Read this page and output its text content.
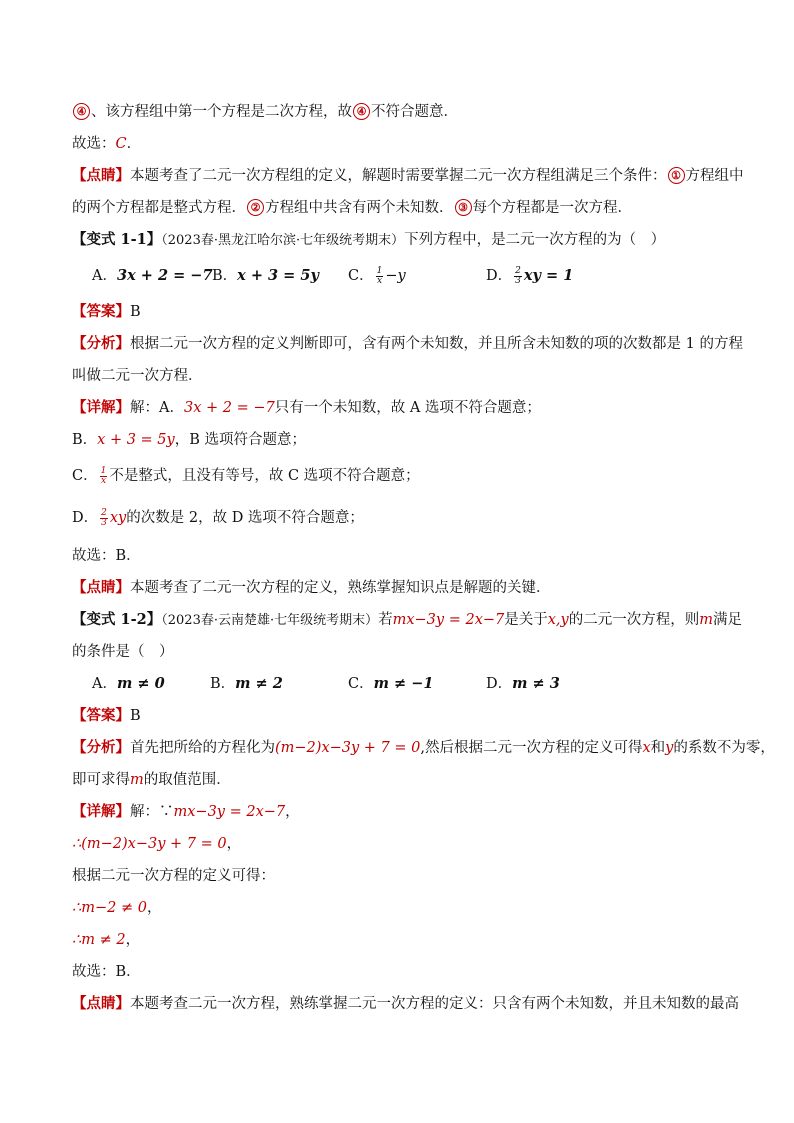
④ 、该方程组中第一个方程是二次方程，故 ④ 不符合题意．
故选：C．
【点睛】本题考查了二元一次方程组的定义，解题时需要掌握二元一次方程组满足三个条件： ① 方程组中
的两个方程都是整式方程． ② 方程组中共含有两个未知数． ③ 每个方程都是一次方程．
【变式 1-1】（2023春·黑龙江哈尔滨·七年级统考期末）下列方程中，是二元一次方程的为（　）
A．3x + 2 = −7 B．x + 3 = 5y C． $\frac{1}{x} -y$	D． $\frac{2}{3}$ xy = 1
【答案】B
【分析】根据二元一次方程的定义判断即可，含有两个未知数，并且所含未知数的项的次数都是 1 的方程
叫做二元一次方程．
【详解】解：A．3x + 2 = −7只有一个未知数，故 A 选项不符合题意；
B．x + 3 = 5y，B 选项符合题意；
C． $\frac{1}{x}$ 不是整式，且没有等号，故 C 选项不符合题意；
D． $\frac{2}{3}$ xy的次数是 2，故 D 选项不符合题意；
故选：B．
【点睛】本题考查了二元一次方程的定义，熟练掌握知识点是解题的关键．
【变式 1-2】（2023春·云南楚雄·七年级统考期末）若mx−3y = 2x−7是关于x,y的二元一次方程，则m满足
的条件是（　）
A．m ≠ 0	B．m ≠ 2	C．m ≠ −1	D．m ≠ 3
【答案】B
【分析】首先把所给的方程化为(m−2)x−3y + 7 = 0,然后根据二元一次方程的定义可得x和y的系数不为零，
即可求得m的取值范围．
【详解】解：∵mx−3y = 2x−7，
∴(m−2)x−3y + 7 = 0，
根据二元一次方程的定义可得：
∴m−2 ≠ 0，
∴m ≠ 2，
故选：B．
【点睛】本题考查二元一次方程，熟练掌握二元一次方程的定义：只含有两个未知数，并且未知数的最高
